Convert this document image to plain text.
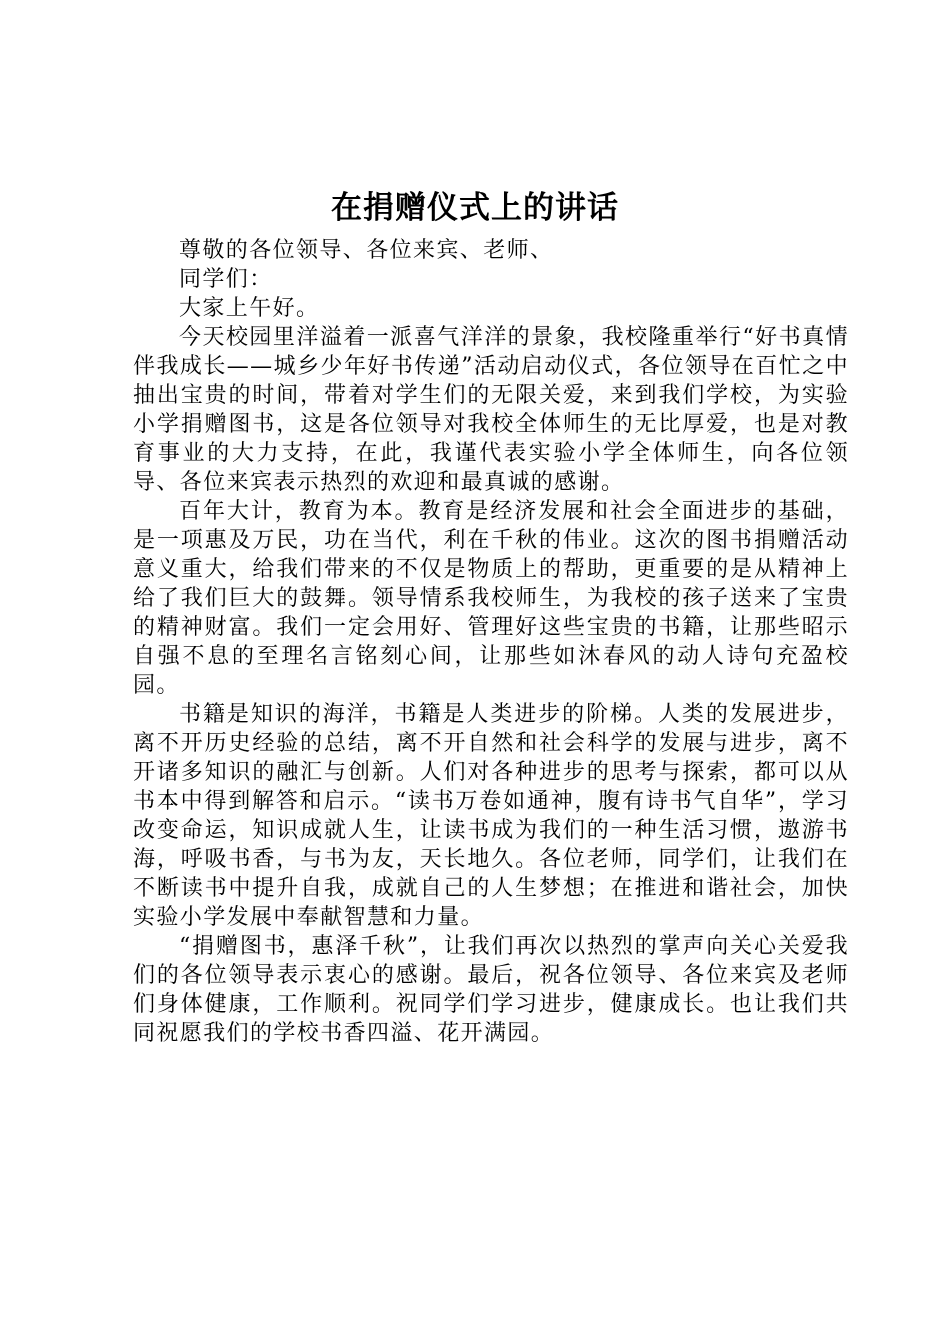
在捐赠仪式上的讲话

尊敬的各位领导、各位来宾、老师、

同学们：

大家上午好。

今天校园里洋溢着一派喜气洋洋的景象，我校隆重举行“好书真情伴我成长——城乡少年好书传递”活动启动仪式，各位领导在百忙之中抽出宝贵的时间，带着对学生们的无限关爱，来到我们学校，为实验小学捐赠图书，这是各位领导对我校全体师生的无比厚爱，也是对教育事业的大力支持，在此，我谨代表实验小学全体师生，向各位领导、各位来宾表示热烈的欢迎和最真诚的感谢。

百年大计，教育为本。教育是经济发展和社会全面进步的基础，是一项惠及万民，功在当代，利在千秋的伟业。这次的图书捐赠活动意义重大，给我们带来的不仅是物质上的帮助，更重要的是从精神上给了我们巨大的鼓舞。领导情系我校师生，为我校的孩子送来了宝贵的精神财富。我们一定会用好、管理好这些宝贵的书籍，让那些昭示自强不息的至理名言铭刻心间，让那些如沐春风的动人诗句充盈校园。

书籍是知识的海洋，书籍是人类进步的阶梯。人类的发展进步，离不开历史经验的总结，离不开自然和社会科学的发展与进步，离不开诸多知识的融汇与创新。人们对各种进步的思考与探索，都可以从书本中得到解答和启示。“读书万卷如通神，腹有诗书气自华”，学习改变命运，知识成就人生，让读书成为我们的一种生活习惯，遨游书海，呼吸书香，与书为友，天长地久。各位老师，同学们，让我们在不断读书中提升自我，成就自己的人生梦想；在推进和谐社会，加快实验小学发展中奉献智慧和力量。

“捐赠图书，惠泽千秋”，让我们再次以热烈的掌声向关心关爱我们的各位领导表示衷心的感谢。最后，祝各位领导、各位来宾及老师们身体健康，工作顺利。祝同学们学习进步，健康成长。也让我们共同祝愿我们的学校书香四溢、花开满园。
